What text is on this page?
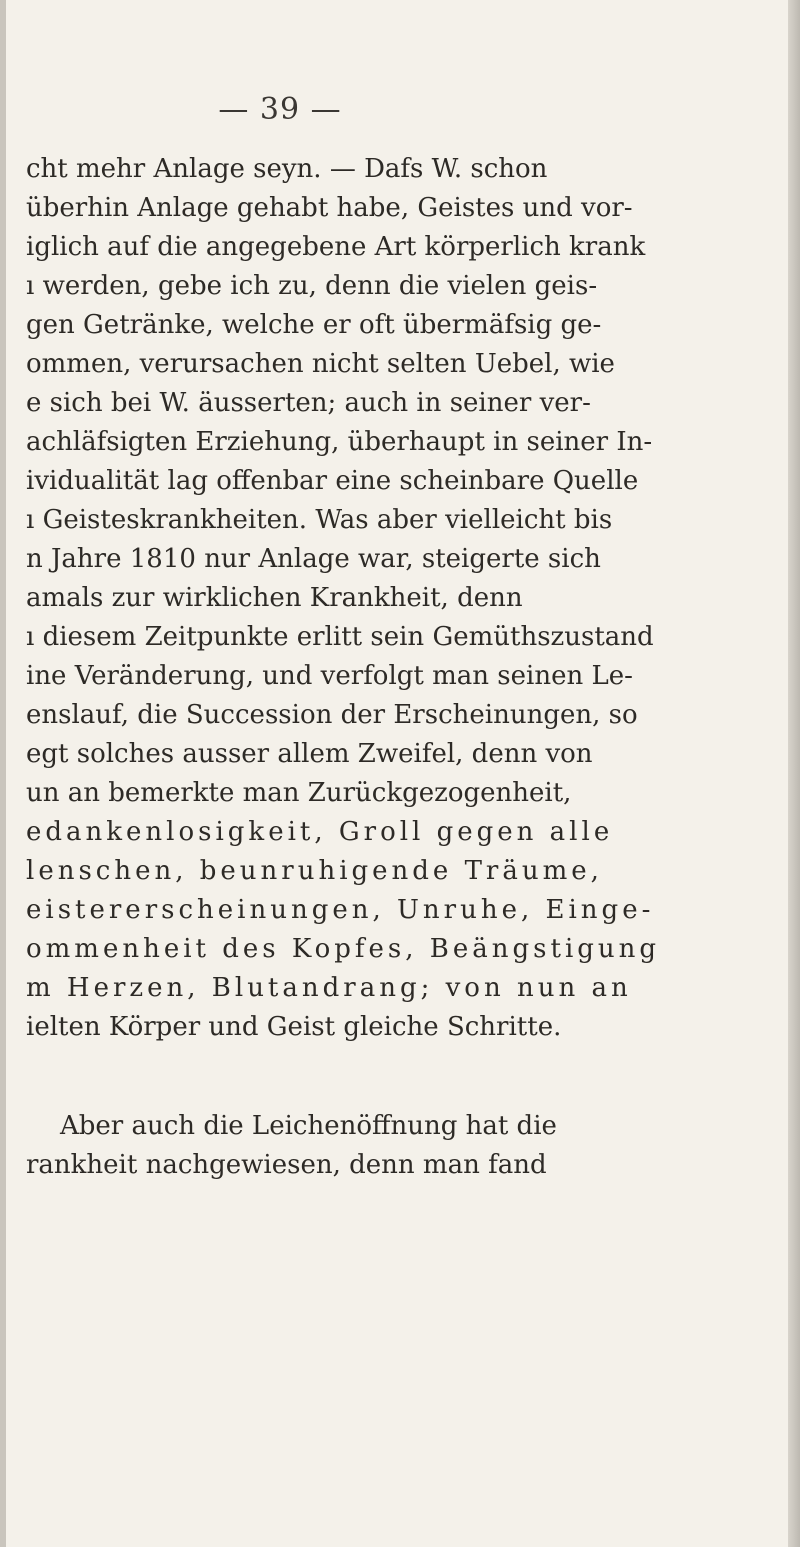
— 39 —
cht mehr Anlage seyn. — Dafs W. schon
überhin Anlage gehabt habe, Geistes und vor-
iglich auf die angegebene Art körperlich krank
ı werden, gebe ich zu, denn die vielen geis-
gen Getränke, welche er oft übermäfsig ge-
ommen, verursachen nicht selten Uebel, wie
e sich bei W. äusserten; auch in seiner ver-
achläfsigten Erziehung, überhaupt in seiner In-
ividualität lag offenbar eine scheinbare Quelle
ı Geisteskrankheiten. Was aber vielleicht bis
n Jahre 1810 nur Anlage war, steigerte sich
amals zur wirklichen Krankheit, denn
ı diesem Zeitpunkte erlitt sein Gemüthszustand
ine Veränderung, und verfolgt man seinen Le-
enslauf, die Succession der Erscheinungen, so
egt solches ausser allem Zweifel, denn von
un an bemerkte man Zurückgezogenheit,
edankenlosigkeit, Groll gegen alle
lenschen, beunruhigende Träume,
eistererscheinungen, Unruhe, Einge-
ommenheit des Kopfes, Beängstigung
m Herzen, Blutandrang; von nun an
ielten Körper und Geist gleiche Schritte.
Aber auch die Leichenöffnung hat die
rankheit nachgewiesen, denn man fand
